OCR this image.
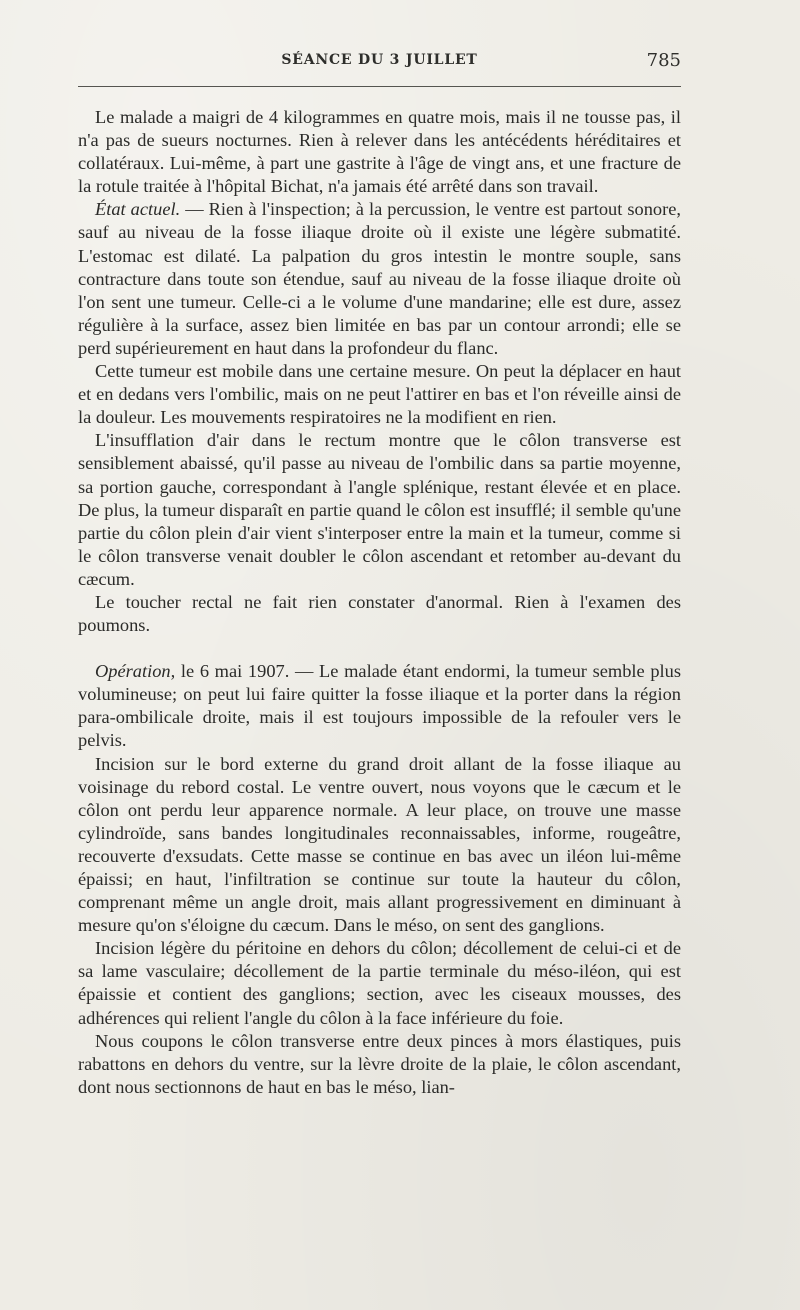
SÉANCE DU 3 JUILLET	785

Le malade a maigri de 4 kilogrammes en quatre mois, mais il ne tousse pas, il n'a pas de sueurs nocturnes. Rien à relever dans les antécédents héréditaires et collatéraux. Lui-même, à part une gastrite à l'âge de vingt ans, et une fracture de la rotule traitée à l'hôpital Bichat, n'a jamais été arrêté dans son travail.

État actuel. — Rien à l'inspection; à la percussion, le ventre est partout sonore, sauf au niveau de la fosse iliaque droite où il existe une légère submatité. L'estomac est dilaté. La palpation du gros intestin le montre souple, sans contracture dans toute son étendue, sauf au niveau de la fosse iliaque droite où l'on sent une tumeur. Celle-ci a le volume d'une mandarine; elle est dure, assez régulière à la surface, assez bien limitée en bas par un contour arrondi; elle se perd supérieurement en haut dans la profondeur du flanc.

Cette tumeur est mobile dans une certaine mesure. On peut la déplacer en haut et en dedans vers l'ombilic, mais on ne peut l'attirer en bas et l'on réveille ainsi de la douleur. Les mouvements respiratoires ne la modifient en rien.

L'insufflation d'air dans le rectum montre que le côlon transverse est sensiblement abaissé, qu'il passe au niveau de l'ombilic dans sa partie moyenne, sa portion gauche, correspondant à l'angle splénique, restant élevée et en place. De plus, la tumeur disparaît en partie quand le côlon est insufflé; il semble qu'une partie du côlon plein d'air vient s'interposer entre la main et la tumeur, comme si le côlon transverse venait doubler le côlon ascendant et retomber au-devant du cæcum.

Le toucher rectal ne fait rien constater d'anormal. Rien à l'examen des poumons.

Opération, le 6 mai 1907. — Le malade étant endormi, la tumeur semble plus volumineuse; on peut lui faire quitter la fosse iliaque et la porter dans la région para-ombilicale droite, mais il est toujours impossible de la refouler vers le pelvis.

Incision sur le bord externe du grand droit allant de la fosse iliaque au voisinage du rebord costal. Le ventre ouvert, nous voyons que le cæcum et le côlon ont perdu leur apparence normale. A leur place, on trouve une masse cylindroïde, sans bandes longitudinales reconnaissables, informe, rougeâtre, recouverte d'exsudats. Cette masse se continue en bas avec un iléon lui-même épaissi; en haut, l'infiltration se continue sur toute la hauteur du côlon, comprenant même un angle droit, mais allant progressivement en diminuant à mesure qu'on s'éloigne du cæcum. Dans le méso, on sent des ganglions.

Incision légère du péritoine en dehors du côlon; décollement de celui-ci et de sa lame vasculaire; décollement de la partie terminale du méso-iléon, qui est épaissie et contient des ganglions; section, avec les ciseaux mousses, des adhérences qui relient l'angle du côlon à la face inférieure du foie.

Nous coupons le côlon transverse entre deux pinces à mors élastiques, puis rabattons en dehors du ventre, sur la lèvre droite de la plaie, le côlon ascendant, dont nous sectionnons de haut en bas le méso, lian-
